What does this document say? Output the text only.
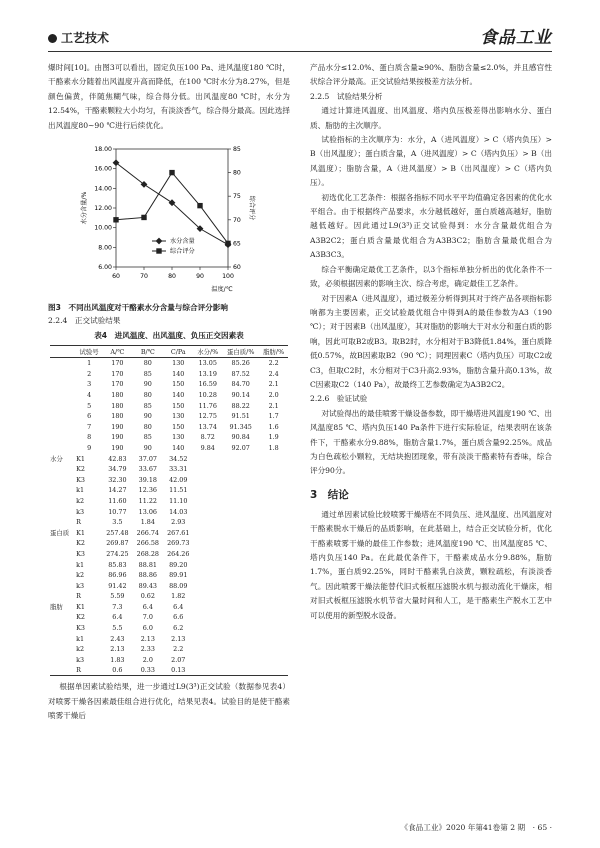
工艺技术	食品工业

爆时间[10]。由图3可以看出，固定负压100 Pa、进风温度180 ℃时，干酪素水分随着出风温度升高而降低，在100 ℃时水分为8.27%，但是颜色偏黄，伴随焦糊气味，综合得分低。出风温度80 ℃时，水分为12.54%，干酪素颗粒大小均匀，有淡淡香气，综合得分最高。因此选择出风温度80~90 ℃进行后续优化。

6.00
8.00
10.00
12.00
14.00
16.00
18.00
60
65
70
75
80
85
60	70	80	90	100
温度/℃
水分含量/%	综合评分
水分含量
综合评分
图3　不同出风温度对干酪素水分含量与综合评分影响
2.2.4　正交试验结果
表4　进风温度、出风温度、负压正交因素表
	试验号	A/℃	B/℃	C/Pa	水分/%	蛋白质/%	脂肪/%
	1	170	80	130	13.05	85.26	2.2
	2	170	85	140	13.19	87.52	2.4
	3	170	90	150	16.59	84.70	2.1
	4	180	80	140	10.28	90.14	2.0
	5	180	85	150	11.76	88.22	2.1
	6	180	90	130	12.75	91.51	1.7
	7	190	80	150	13.74	91.345	1.6
	8	190	85	130	8.72	90.84	1.9
	9	190	90	140	9.84	92.07	1.8
水分	K1	42.83	37.07	34.52			
	K2	34.79	33.67	33.31			
	K3	32.30	39.18	42.09			
	k1	14.27	12.36	11.51			
	k2	11.60	11.22	11.10			
	k3	10.77	13.06	14.03			
	R	3.5	1.84	2.93			
蛋白质	K1	257.48	266.74	267.61			
	K2	269.87	266.58	269.73			
	K3	274.25	268.28	264.26			
	k1	85.83	88.81	89.20			
	k2	86.96	88.86	89.91			
	k3	91.42	89.43	88.09			
	R	5.59	0.62	1.82			
脂肪	K1	7.3	6.4	6.4			
	K2	6.4	7.0	6.6			
	K3	5.5	6.0	6.2			
	k1	2.43	2.13	2.13			
	k2	2.13	2.33	2.2			
	k3	1.83	2.0	2.07			
	R	0.6	0.33	0.13			

根据单因素试验结果，进一步通过L9(3³)正交试验（数据参见表4）对喷雾干燥各因素最佳组合进行优化，结果见表4。试验目的是使干酪素喷雾干燥后

产品水分≤12.0%、蛋白质含量≥90%、脂肪含量≤2.0%，并且感官性状综合评分最高。正交试验结果按极差方法分析。

2.2.5　试验结果分析

通过计算进风温度、出风温度、塔内负压极差得出影响水分、蛋白质、脂肪的主次顺序。

试验指标的主次顺序为：水分，A（进风温度）> C（塔内负压）> B（出风温度）；蛋白质含量，A（进风温度）> C（塔内负压）> B（出风温度）；脂肪含量，A（进风温度）> B（出风温度）> C（塔内负压）。

初选优化工艺条件：根据各指标不同水平平均值确定各因素的优化水平组合。由于根据终产品要求，水分越低越好，蛋白质越高越好，脂肪越低越好。因此通过L9(3³)正交试验得到：水分含量最优组合为A3B2C2；蛋白质含量最优组合为A3B3C2；脂肪含量最优组合为A3B3C3。

综合平衡确定最优工艺条件，以3个指标单独分析出的优化条件不一致，必须根据因素的影响主次、综合考虑，确定最佳工艺条件。

对于因素A（进风温度），通过极差分析得到其对于终产品各项指标影响都为主要因素，正交试验最优组合中得到A的最佳参数为A3（190 ℃）；对于因素B（出风温度），其对脂肪的影响大于对水分和蛋白质的影响，因此可取B2或B3。取B2时，水分相对于B3降低1.84%，蛋白质降低0.57%，故B因素取B2（90 ℃）；同理因素C（塔内负压）可取C2或C3，但取C2时，水分相对于C3升高2.93%，脂肪含量升高0.13%，故C因素取C2（140 Pa），故最终工艺参数确定为A3B2C2。

2.2.6　验证试验

对试验得出的最佳喷雾干燥设备参数，即干燥塔进风温度190 ℃、出风温度85 ℃、塔内负压140 Pa条件下进行实际验证，结果表明在该条件下，干酪素水分9.88%，脂肪含量1.7%，蛋白质含量92.25%。成品为白色疏松小颗粒，无结块抱团现象，带有淡淡干酪素特有香味，综合评分90分。

3　结论

通过单因素试验比较喷雾干燥塔在不同负压、进风温度、出风温度对干酪素脱水干燥后的品质影响，在此基础上，结合正交试验分析，优化干酪素喷雾干燥的最佳工作参数；进风温度190 ℃、出风温度85 ℃、塔内负压140 Pa。在此最优条件下，干酪素成品水分9.88%，脂肪1.7%，蛋白质92.25%，同时干酪素乳白淡黄，颗粒疏松，有淡淡香气。因此喷雾干燥法能替代旧式板框压滤脱水机与振动流化干燥床，相对旧式板框压滤脱水机节省大量时间和人工，是干酪素生产脱水工艺中可以使用的新型脱水设备。

《食品工业》2020 年第41卷第 2 期　· 65 ·
